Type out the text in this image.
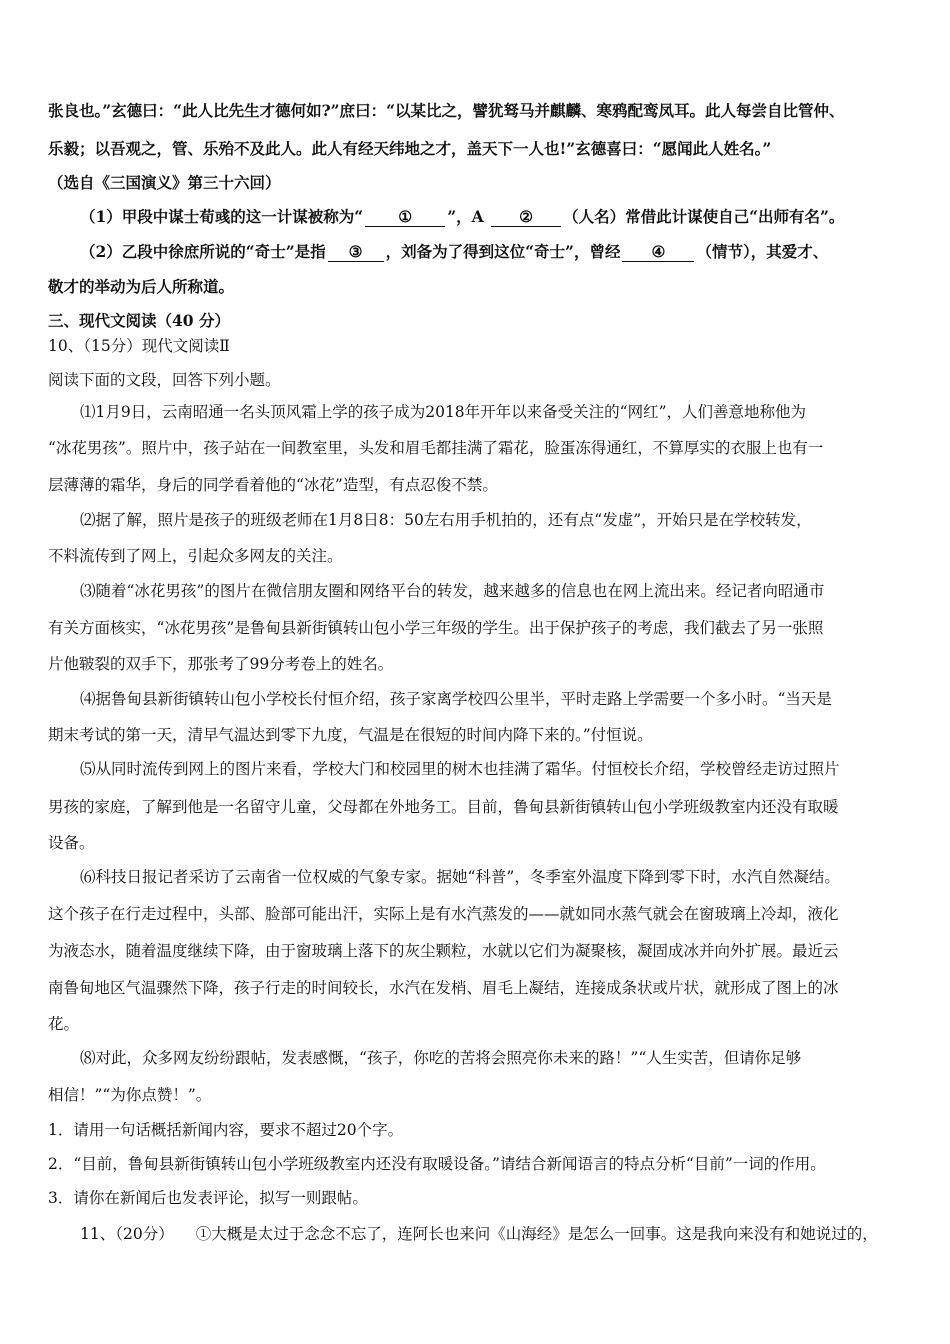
张良也。”玄德曰：“此人比先生才德何如?”庶曰：“以某比之，譬犹驽马并麒麟、寒鸦配鸾凤耳。此人每尝自比管仲、
乐毅；以吾观之，管、乐殆不及此人。此人有经天纬地之才，盖天下一人也!”玄德喜曰：“愿闻此人姓名。”
（选自《三国演义》第三十六回）
（1）甲段中谋士荀彧的这一计谋被称为“ ① ”，A ② （人名）常借此计谋使自己“出师有名”。
（2）乙段中徐庶所说的“奇士”是指 ③ ，刘备为了得到这位“奇士”，曾经 ④ （情节），其爱才、
敬才的举动为后人所称道。
三、现代文阅读（40 分）
10、（15分）现代文阅读Ⅱ
阅读下面的文段，回答下列小题。
⑴1月9日，云南昭通一名头顶风霜上学的孩子成为2018年开年以来备受关注的“网红”，人们善意地称他为
“冰花男孩”。照片中，孩子站在一间教室里，头发和眉毛都挂满了霜花，脸蛋冻得通红，不算厚实的衣服上也有一
层薄薄的霜华，身后的同学看着他的“冰花”造型，有点忍俊不禁。
⑵据了解，照片是孩子的班级老师在1月8日8：50左右用手机拍的，还有点“发虚”，开始只是在学校转发，
不料流传到了网上，引起众多网友的关注。
⑶随着“冰花男孩”的图片在微信朋友圈和网络平台的转发，越来越多的信息也在网上流出来。经记者向昭通市
有关方面核实，“冰花男孩”是鲁甸县新街镇转山包小学三年级的学生。出于保护孩子的考虑，我们截去了另一张照
片他皲裂的双手下，那张考了99分考卷上的姓名。
⑷据鲁甸县新街镇转山包小学校长付恒介绍，孩子家离学校四公里半，平时走路上学需要一个多小时。“当天是
期末考试的第一天，清早气温达到零下九度，气温是在很短的时间内降下来的。”付恒说。
⑸从同时流传到网上的图片来看，学校大门和校园里的树木也挂满了霜华。付恒校长介绍，学校曾经走访过照片
男孩的家庭，了解到他是一名留守儿童，父母都在外地务工。目前，鲁甸县新街镇转山包小学班级教室内还没有取暖
设备。
⑹科技日报记者采访了云南省一位权威的气象专家。据她“科普”，冬季室外温度下降到零下时，水汽自然凝结。
这个孩子在行走过程中，头部、脸部可能出汗，实际上是有水汽蒸发的——就如同水蒸气就会在窗玻璃上冷却，液化
为液态水，随着温度继续下降，由于窗玻璃上落下的灰尘颗粒，水就以它们为凝聚核，凝固成冰并向外扩展。最近云
南鲁甸地区气温骤然下降，孩子行走的时间较长，水汽在发梢、眉毛上凝结，连接成条状或片状，就形成了图上的冰
花。
⑻对此，众多网友纷纷跟帖，发表感慨，“孩子，你吃的苦将会照亮你未来的路！”“人生实苦，但请你足够
相信！”“为你点赞！”。
1．请用一句话概括新闻内容，要求不超过20个字。
2．“目前，鲁甸县新街镇转山包小学班级教室内还没有取暖设备。”请结合新闻语言的特点分析“目前”一词的作用。
3．请你在新闻后也发表评论，拟写一则跟帖。
11、（20分） ①大概是太过于念念不忘了，连阿长也来问《山海经》是怎么一回事。这是我向来没有和她说过的，
